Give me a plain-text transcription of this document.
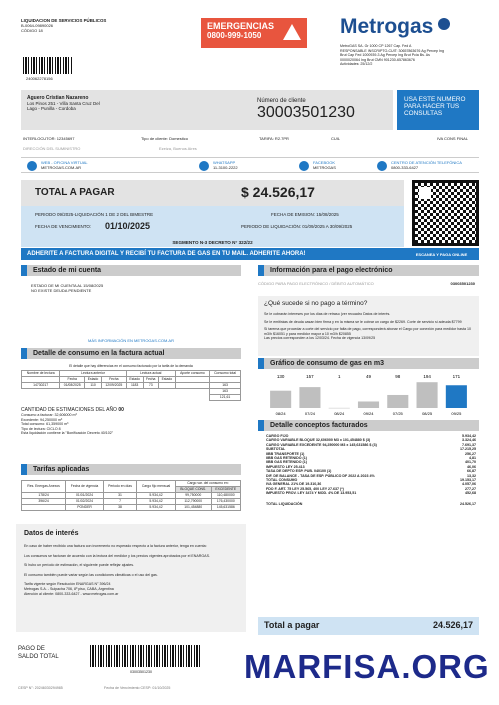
LIQUIDACION DE SERVICIOS PÚBLICOS
B-0064-09890026
CÓDIGO 18
240062278156
EMERGENCIAS
0800-999-1050	Metrogas
MetroGAS SA. Gr 1000 CP 1267 Cap. Fed A
RESPONSABLE INSCRIPTO-CUIT: 30657863676 Ag Percep Ing
Brut Cap Fed 1000939-3 Ag Percep Ing Brut Pcia Bs. As
0000020064 Ing Brut CMN 901230-657863676
Actividades: 25/12/2
Aguero Cristian Nazareno
Los Pinos 251 - Villa Santa Cruz Del
Lago - Punilla - Cordoba
Número de cliente
30003501230
USA ESTE NUMERO PARA HACER TUS CONSULTAS
INTERLOCUTOR: 12345697	Tipo de cliente: Domestico	TARIFA: R2.7PR	CUIL	IVA CONS FINAL
DIRECCIÓN DEL SUMINISTRO	Ezeiza, Buenos Aires
WEB - OFICINA VIRTUAL
METROGAS.COM.AR
WHATSAPP
11-3100-2222
FACEBOOK
METROGAS
CENTRO DE ATENCIÓN TELEFÓNICA
0800-333-6427
TOTAL A PAGAR	$ 24.526,17
PERIODO 09/2025-LIQUIDACIÓN 1 DE 2 DEL BIMESTRE	FECHA DE EMISION: 15/08/2025
FECHA DE VENCIMIENTO: 01/10/2025	PERIODO DE LIQUIDACIÓN: 01/09/2025 A 30/09/2025
SEGMENTO N-3 DECRETO N° 322/22
ADHERITE A FACTURA DIGITAL Y RECIBÍ TU FACTURA DE GAS EN TU MAIL. ADHERITE AHORA!	ESCANEA Y PAGA ONLINE
Estado de mi cuenta
ESTADO DE MI CUENTA AL 15/08/2025
NO EXISTE DEUDA PENDIENTE
MÁS INFORMACIÓN EN METROGAS.COM.AR
Detalle de consumo en la factura actual
El detalle que hay diferencias en el consumo facturado por la tarifa de la demanda
Nombre de lectura	Lectura anterior			Lectura actual			Aporte consumo	Consumo total
	Fecha	Estado	Fecha	Estado	Fecha	Estado		
14730217	01/08/2025	110	12/09/2025	1183	73			163
								163
								121,61
CANTIDAD DE ESTIMACIONES DEL AÑO 00
Consumo a facturar: 32,606000 m³
Excedente: 94,250000 m³
Total consumo: 61,359000 m³
Tipo de lectura: CICLO 8
Esta liquidación contiene la "Bonificación Decreto 40/102"
Tarifas aplicadas
Res. Energas Anexos	Fecha de vigencia	Periodo en días	Cargo fijo mensual	Cargo var. del consumo en:	
				BLOQUE CONS.	EXCEDENTE
178/24	01/01/2024	31	5.934,42	99,750000	110,480000
396/24	01/02/2024	7	5.934,42	112,790000	176,430000
	PONDER	38	5.934,42	101,454880	145,631586
Datos de interés
En caso de haber recibido una factura con incremento no esperado respecto a la factura anterior, tenga en cuenta:
Los consumos se facturan de acuerdo con la lectura del medidor y los precios vigentes aprobados por el ENARGAS.
Si hubo un período de estimación, el siguiente puede reflejar ajustes.
El consumo también puede variar según las condiciones climáticas o el uso del gas.
Tarifa vigente según Resolución ENARGAS N° 396/24
Metrogas S.A. - Suipacha 706, 8º piso, CABA, Argentina
Atención al cliente: 0800-333-6427 - www.metrogas.com.ar
Información para el pago electrónico
CÓDIGO PARA PAGO ELECTRÓNICO / DÉBITO AUTOMÁTICO	03003501230
¿Qué sucede si no pago a término?
Se le cobrarán intereses por los días de retraso (ver recuadro Datos de interés.
Se le emitiráas de deuda casan bien firma y en la misma se le cobrar un cargo de $2269. Corte de servicio si adeuda $7799
Si tarema que procedar a corte del servicio por falta de pago, corresponderá abonar el Cargo por conexión para medidor hasta 10 m3/h $16051 y para medidor mayor a 10 m3/h $20855
Las precios corresponden a los 12/03/24. Fecha de vigencia 13/09/25
Gráfico de consumo de gas en m3
130
08/24
157
07/24
1
08/24
49
09/24
98
07/25
194
08/25
171
09/25
Detalle conceptos facturados
CARGO FIJO	5.934,42
CARGO VARIABLE BLOQUE 32,606000 M3 x 101,454880 $ (3)	3.324,46
CARGO VARIABLE EXCEDENTE 94,250000 M3 x 145,631586 $ (3)	7.691,37
SUBTOTAL	17.215,25
IIBB TRANSPORTE (1)	256,27
IIBB GAS RETENIDO (1)	4,81
IIBB GAS RETENIDO (1)	401,70
IMPUESTO LEY 25.413	46,06
TASA DE DEPTO ESP. PUB. 040100 (1)	66,87
DIF. DE BALANCE - TASA DE ESP. PÚBLICO DF 2022 A 2023 4%	13,32
TOTAL CONSUMO	19.153,17
IVA GENERAL 21% DE 19.310,36	4.057,06
FDO F. ART. 75 LEY 25.565, 400 LEY 27.637 (*)	277,27
IMPUESTO PROV. LEY 3474 Y MOD. 4% DE 13.953,51	452,68
TOTAL LIQUIDACIÓN	24.526,17
Total a pagar	24.526,17
PAGO DE
SALDO TOTAL
03003501230
CESP N°: 20246030294985	Fecha de Vencimiento CESP: 01/10/2025
MARFISA.ORG
